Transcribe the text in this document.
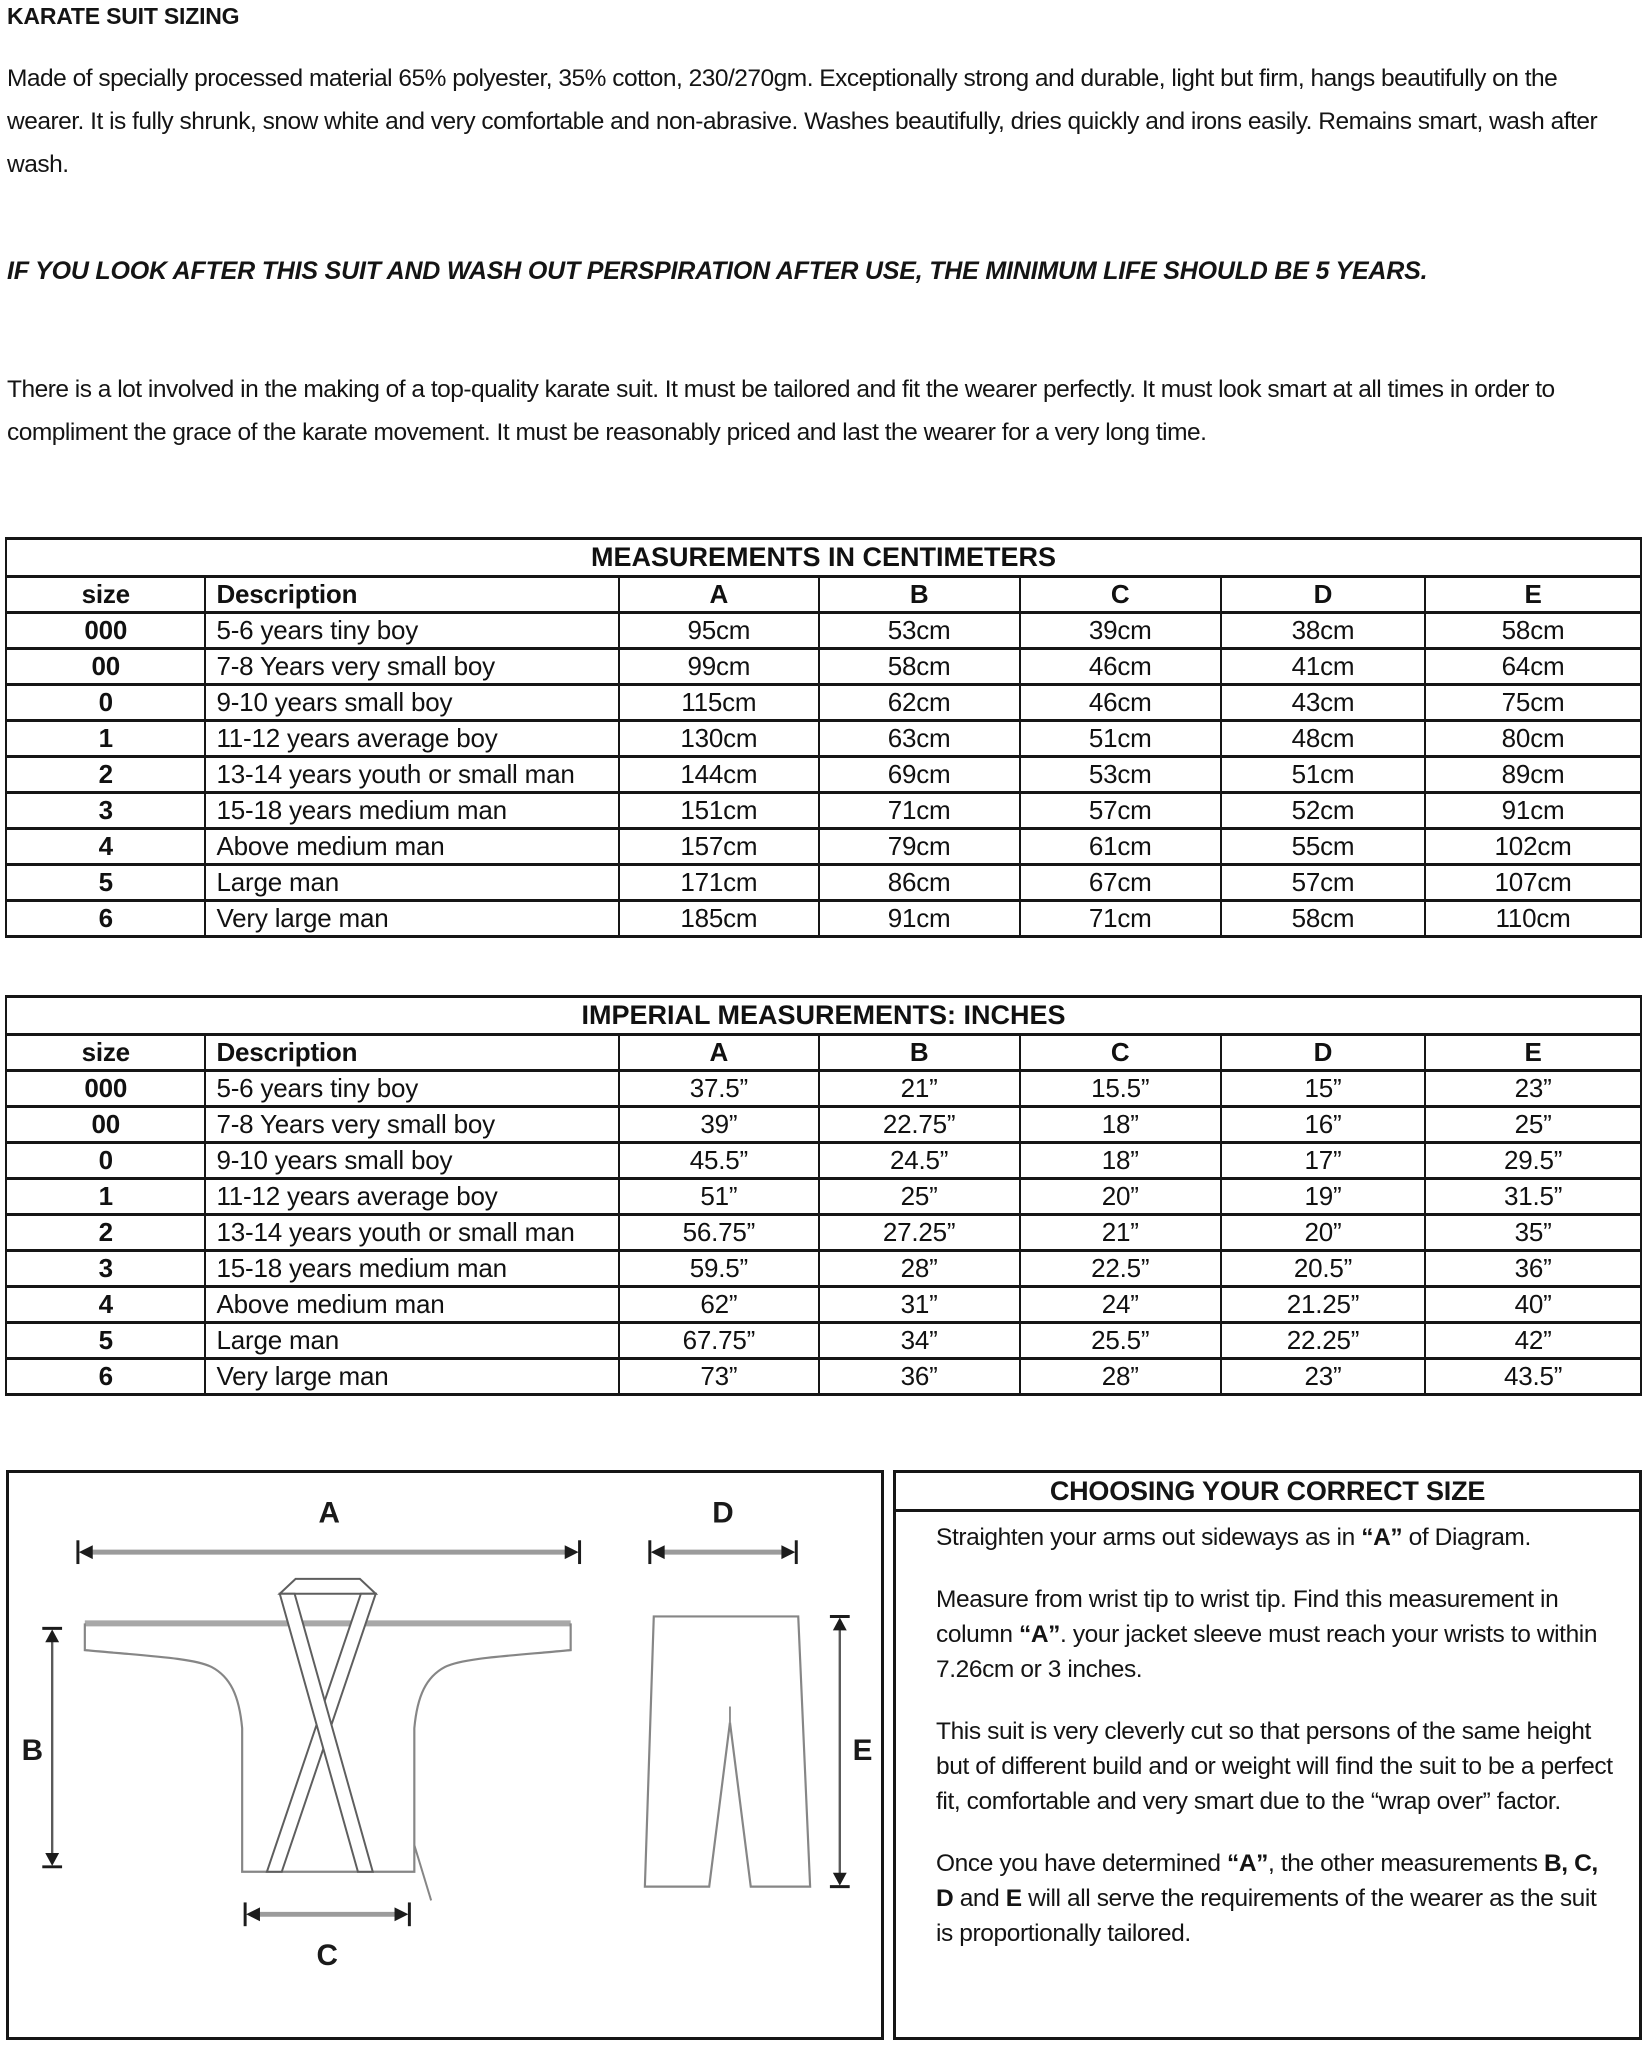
KARATE SUIT SIZING

Made of specially processed material 65% polyester, 35% cotton, 230/270gm. Exceptionally strong and durable, light but firm, hangs beautifully on the wearer. It is fully shrunk, snow white and very comfortable and non-abrasive. Washes beautifully, dries quickly and irons easily. Remains smart, wash after wash.

IF YOU LOOK AFTER THIS SUIT AND WASH OUT PERSPIRATION AFTER USE, THE MINIMUM LIFE SHOULD BE 5 YEARS.

There is a lot involved in the making of a top-quality karate suit. It must be tailored and fit the wearer perfectly. It must look smart at all times in order to compliment the grace of the karate movement. It must be reasonably priced and last the wearer for a very long time.

MEASUREMENTS IN CENTIMETERS						
size	Description	A	B	C	D	E
000	5-6 years tiny boy	95cm	53cm	39cm	38cm	58cm
00	7-8 Years very small boy	99cm	58cm	46cm	41cm	64cm
0	9-10 years small boy	115cm	62cm	46cm	43cm	75cm
1	11-12 years average boy	130cm	63cm	51cm	48cm	80cm
2	13-14 years youth or small man	144cm	69cm	53cm	51cm	89cm
3	15-18 years medium man	151cm	71cm	57cm	52cm	91cm
4	Above medium man	157cm	79cm	61cm	55cm	102cm
5	Large man	171cm	86cm	67cm	57cm	107cm
6	Very large man	185cm	91cm	71cm	58cm	110cm
IMPERIAL MEASUREMENTS: INCHES						
size	Description	A	B	C	D	E
000	5-6 years tiny boy	37.5”	21”	15.5”	15”	23”
00	7-8 Years very small boy	39”	22.75”	18”	16”	25”
0	9-10 years small boy	45.5”	24.5”	18”	17”	29.5”
1	11-12 years average boy	51”	25”	20”	19”	31.5”
2	13-14 years youth or small man	56.75”	27.25”	21”	20”	35”
3	15-18 years medium man	59.5”	28”	22.5”	20.5”	36”
4	Above medium man	62”	31”	24”	21.25”	40”
5	Large man	67.75”	34”	25.5”	22.25”	42”
6	Very large man	73”	36”	28”	23”	43.5”
A	D
B	E
C
CHOOSING YOUR CORRECT SIZE

Straighten your arms out sideways as in “A” of Diagram.

Measure from wrist tip to wrist tip. Find this measurement in column “A”. your jacket sleeve must reach your wrists to within 7.26cm or 3 inches.

This suit is very cleverly cut so that persons of the same height but of different build and or weight will find the suit to be a perfect fit, comfortable and very smart due to the “wrap over” factor.

Once you have determined “A”, the other measurements B, C, D and E will all serve the requirements of the wearer as the suit is proportionally tailored.
